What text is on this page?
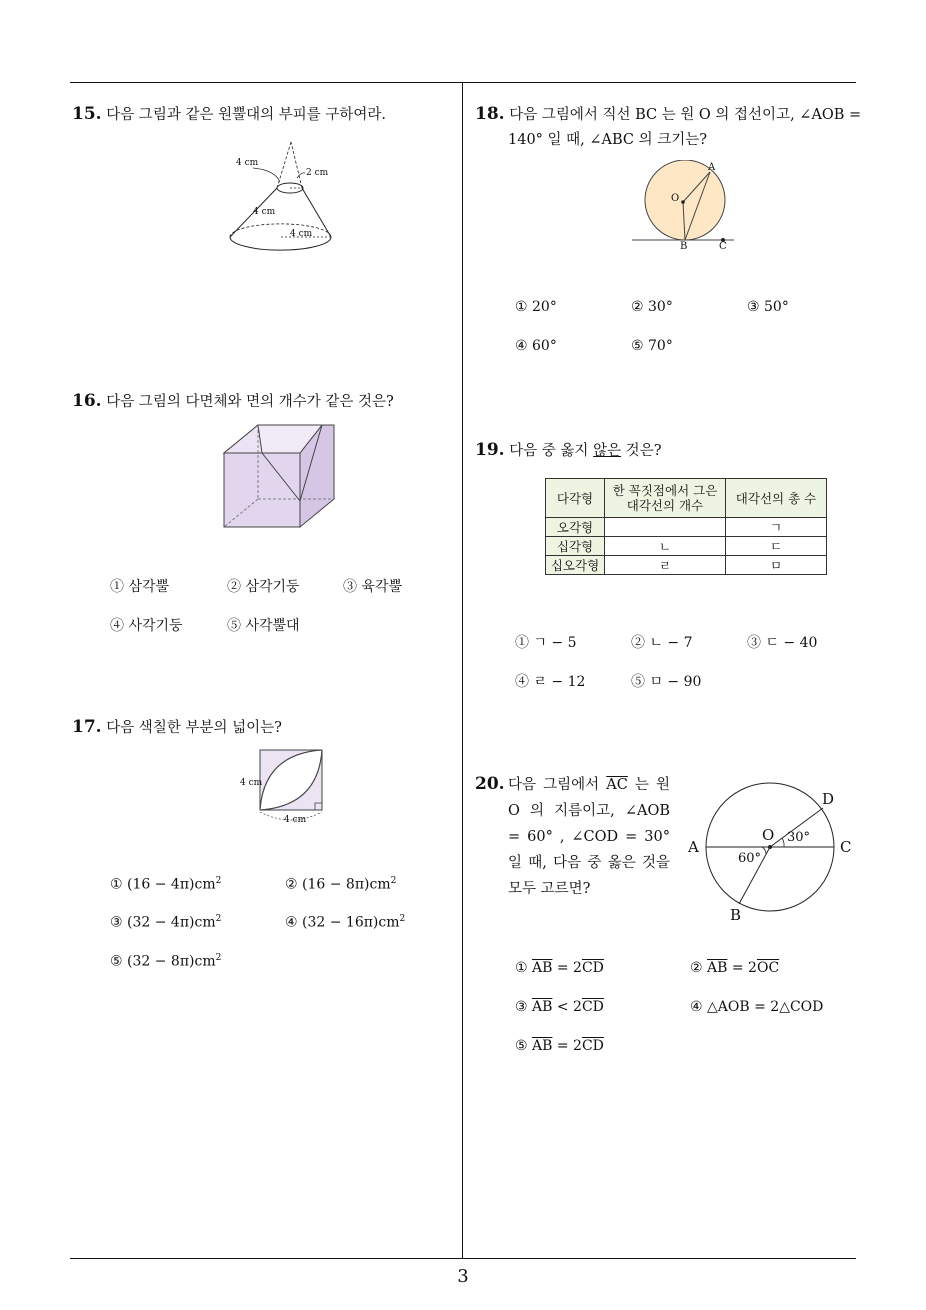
15. 다음 그림과 같은 원뿔대의 부피를 구하여라.
4 cm
2 cm
4 cm
4 cm
16. 다음 그림의 다면체와 면의 개수가 같은 것은?
① 삼각뿔	② 삼각기둥	③ 육각뿔
④ 사각기둥	⑤ 사각뿔대
17. 다음 색칠한 부분의 넓이는?
4 cm
4 cm
① $(16 - 4\pi)cm^2$	② $(16 - 8\pi)cm^2$
③ $(32 - 4\pi)cm^2$	④ $(32 - 16\pi)cm^2$
⑤ $(32 - 8\pi)cm^2$
18. 다음 그림에서 직선 BC 는 원 O 의 접선이고, ∠AOB =
140° 일 때, ∠ABC 의 크기는?
A
O
B	C
① 20°	② 30°	③ 50°
④ 60°	⑤ 70°
19. 다음 중 옳지 않은 것은?
다각형	한 꼭짓점에서 그은
대각선의 개수	대각선의 총 수
오각형		ㄱ
십각형	ㄴ	ㄷ
십오각형	ㄹ	ㅁ
① ㄱ − 5	② ㄴ − 7	③ ㄷ − 40
④ ㄹ − 12	⑤ ㅁ − 90
20. 다음 그림에서 $\overline{AC}$ 는 원 O 의 지름이고, ∠AOB = 60° , ∠COD = 30° 일 때, 다음 중 옳은 것을 모두 고르면?
A	C
D
B
O
60°
30°
① $\overline{AB} = 2\overline{CD}$	② $\overline{AB} = 2\overline{OC}$
③ $\overline{AB} < 2\overline{CD}$	④ △AOB = 2△COD
⑤ $\overline{AB} = 2\overline{CD}$
3
